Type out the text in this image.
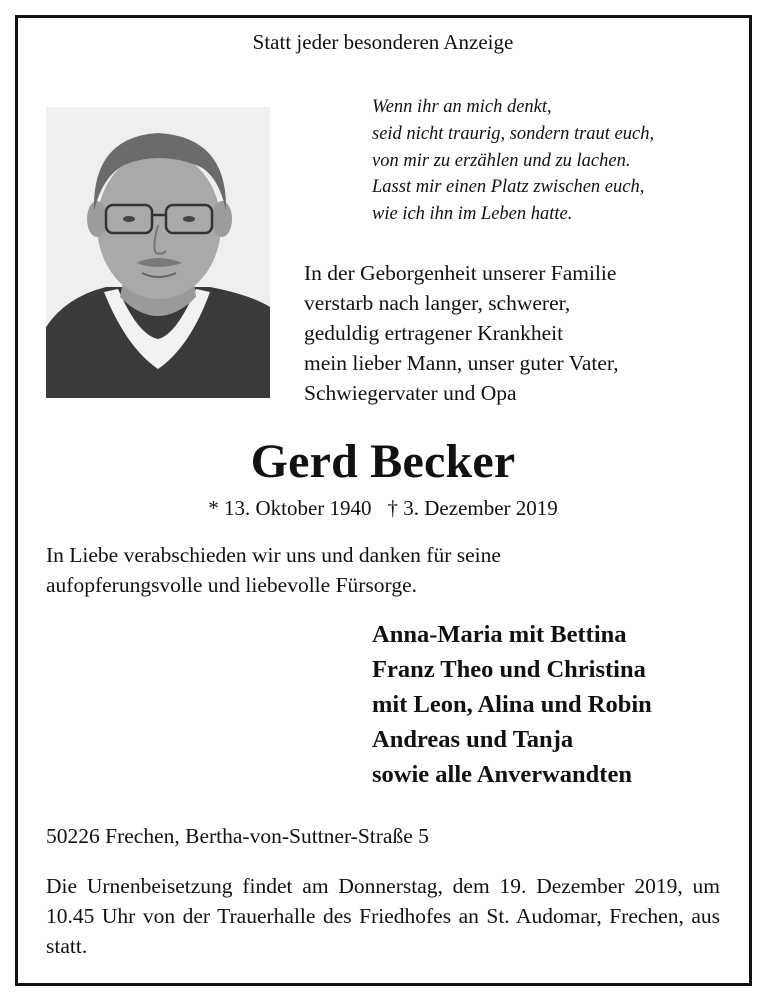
Statt jeder besonderen Anzeige
Wenn ihr an mich denkt,
seid nicht traurig, sondern traut euch,
von mir zu erzählen und zu lachen.
Lasst mir einen Platz zwischen euch,
wie ich ihn im Leben hatte.
In der Geborgenheit unserer Familie
verstarb nach langer, schwerer,
geduldig ertragener Krankheit
mein lieber Mann, unser guter Vater,
Schwiegervater und Opa
Gerd Becker
* 13. Oktober 1940 † 3. Dezember 2019
In Liebe verabschieden wir uns und danken für seine
aufopferungsvolle und liebevolle Fürsorge.
Anna-Maria mit Bettina
Franz Theo und Christina
mit Leon, Alina und Robin
Andreas und Tanja
sowie alle Anverwandten
50226 Frechen, Bertha-von-Suttner-Straße 5
Die Urnenbeisetzung findet am Donnerstag, dem 19. Dezember 2019, um 10.45 Uhr von der Trauerhalle des Friedhofes an St. Audomar, Frechen, aus statt.
